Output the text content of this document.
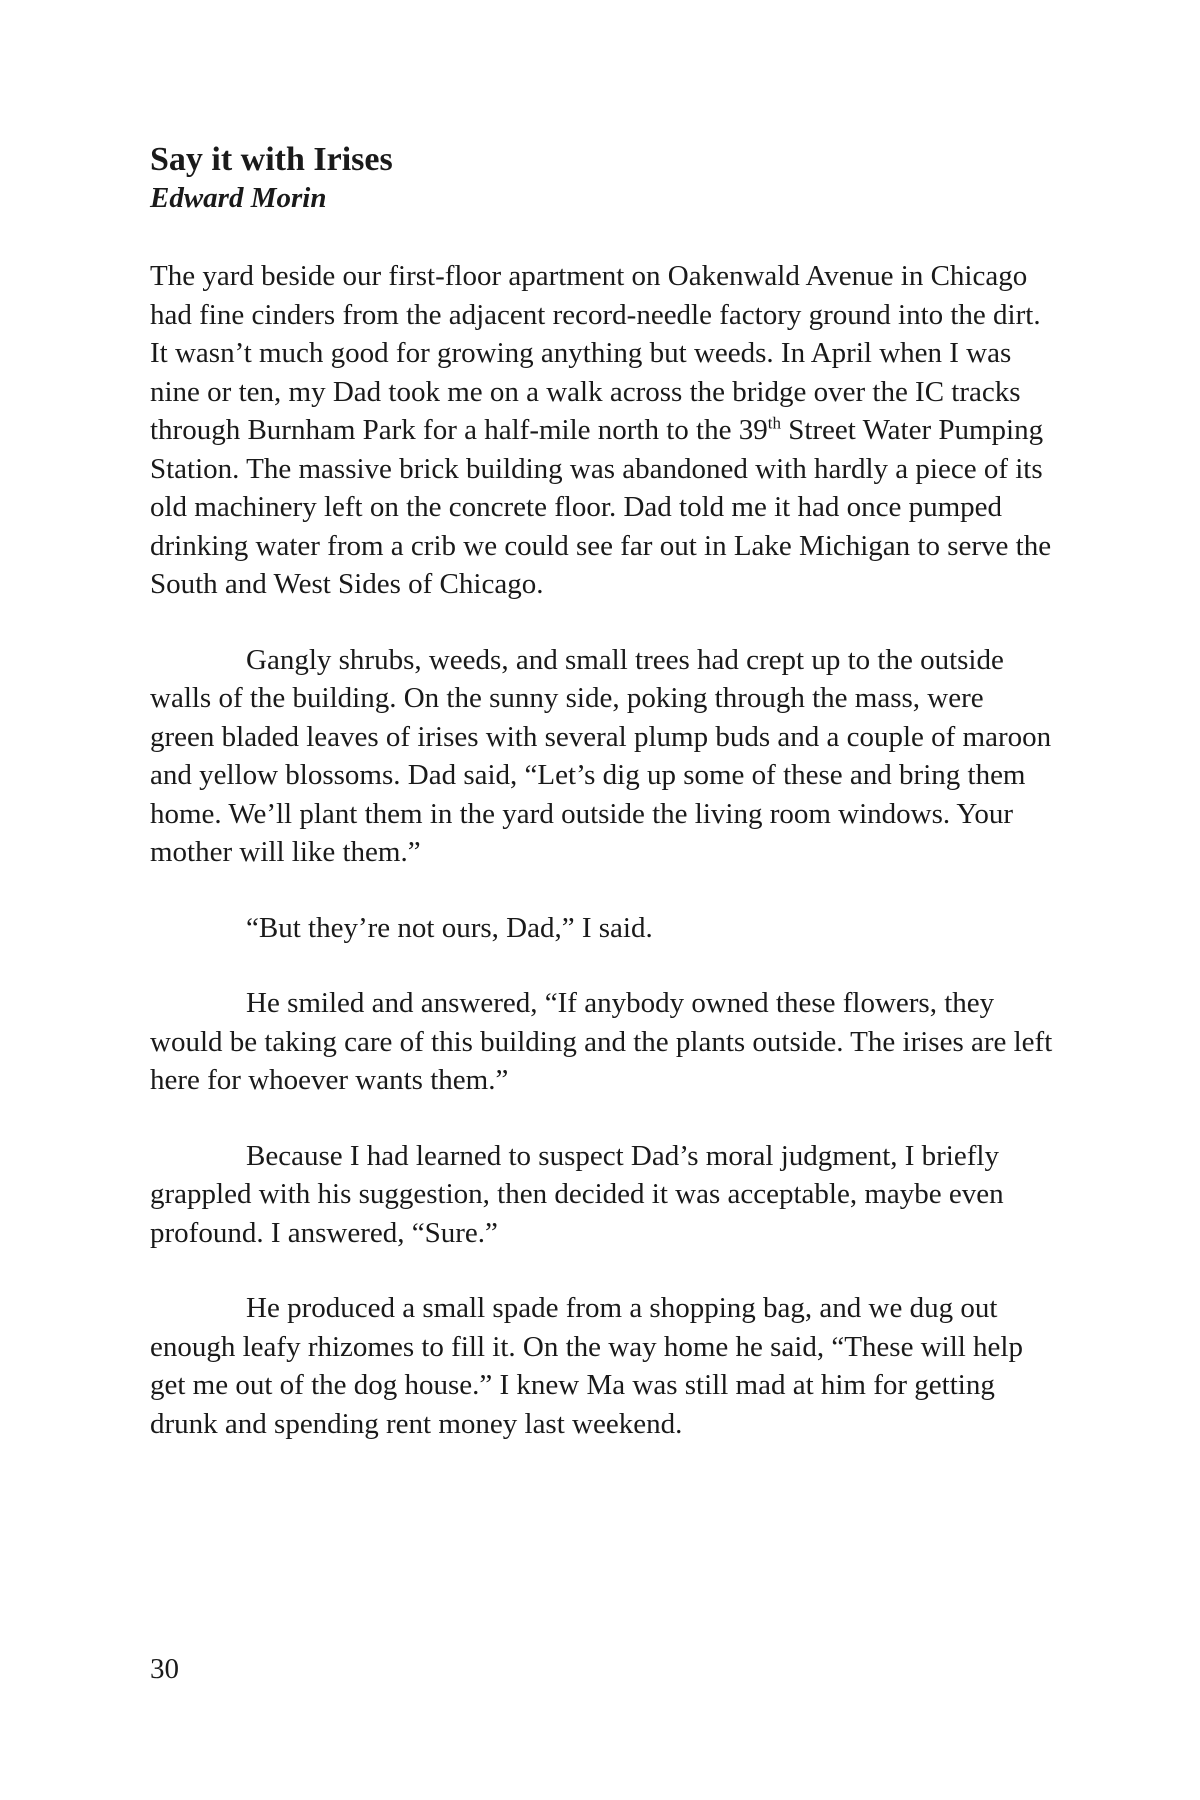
Say it with Irises
Edward Morin

The yard beside our first-floor apartment on Oakenwald Avenue in Chicago had fine cinders from the adjacent record-needle factory ground into the dirt. It wasn’t much good for growing anything but weeds. In April when I was nine or ten, my Dad took me on a walk across the bridge over the IC tracks through Burnham Park for a half-mile north to the 39th Street Water Pumping Station. The massive brick building was abandoned with hardly a piece of its old machinery left on the concrete floor. Dad told me it had once pumped drinking water from a crib we could see far out in Lake Michigan to serve the South and West Sides of Chicago.

Gangly shrubs, weeds, and small trees had crept up to the outside walls of the building. On the sunny side, poking through the mass, were green bladed leaves of irises with several plump buds and a couple of maroon and yellow blossoms. Dad said, “Let’s dig up some of these and bring them home. We’ll plant them in the yard outside the living room windows. Your mother will like them.”

“But they’re not ours, Dad,” I said.

He smiled and answered, “If anybody owned these flowers, they would be taking care of this building and the plants outside. The irises are left here for whoever wants them.”

Because I had learned to suspect Dad’s moral judgment, I briefly grappled with his suggestion, then decided it was acceptable, maybe even profound. I answered, “Sure.”

He produced a small spade from a shopping bag, and we dug out enough leafy rhizomes to fill it. On the way home he said, “These will help get me out of the dog house.” I knew Ma was still mad at him for getting drunk and spending rent money last weekend.

30
